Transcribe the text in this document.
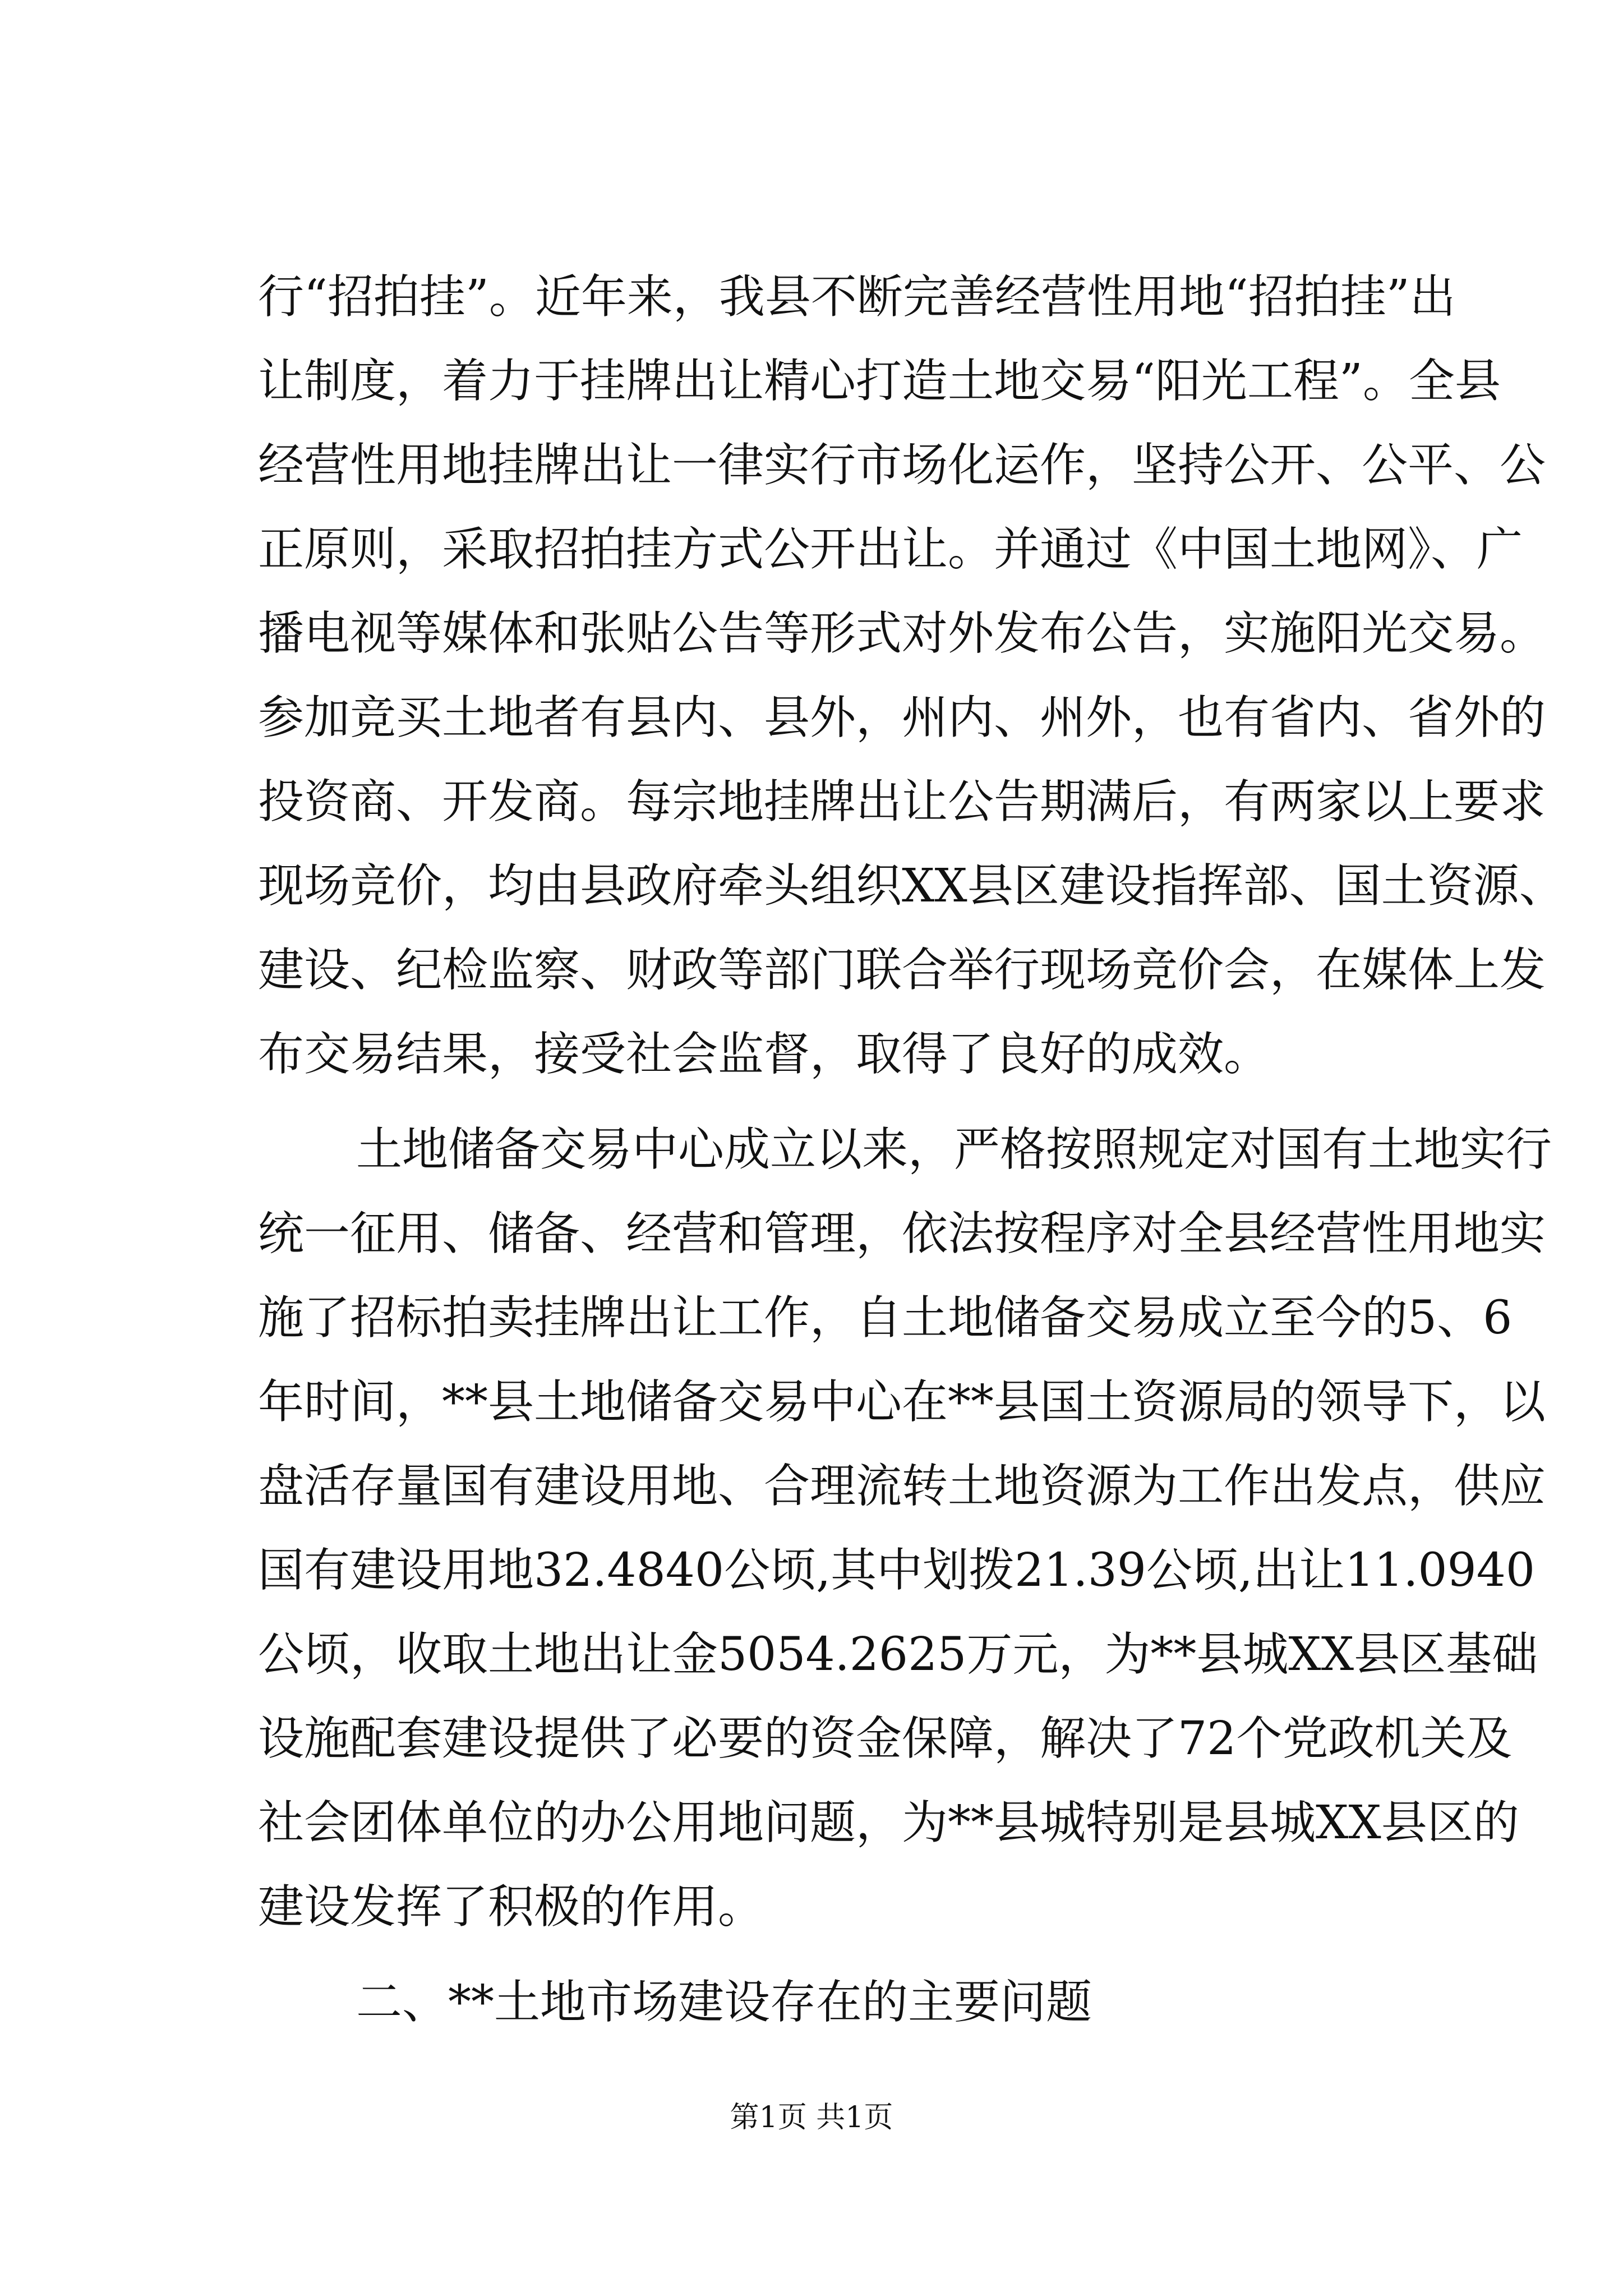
行“招拍挂”。近年来，我县不断完善经营性用地“招拍挂”出
让制度，着力于挂牌出让精心打造土地交易“阳光工程”。全县
经营性用地挂牌出让一律实行市场化运作，坚持公开、公平、公
正原则，采取招拍挂方式公开出让。并通过《中国土地网》、广
播电视等媒体和张贴公告等形式对外发布公告，实施阳光交易。
参加竞买土地者有县内、县外，州内、州外，也有省内、省外的
投资商、开发商。每宗地挂牌出让公告期满后，有两家以上要求
现场竞价，均由县政府牵头组织XX县区建设指挥部、国土资源、
建设、纪检监察、财政等部门联合举行现场竞价会，在媒体上发
布交易结果，接受社会监督，取得了良好的成效。
土地储备交易中心成立以来，严格按照规定对国有土地实行
统一征用、储备、经营和管理，依法按程序对全县经营性用地实
施了招标拍卖挂牌出让工作，自土地储备交易成立至今的5、6
年时间，**县土地储备交易中心在**县国土资源局的领导下，以
盘活存量国有建设用地、合理流转土地资源为工作出发点，供应
国有建设用地32.4840公顷,其中划拨21.39公顷,出让11.0940
公顷，收取土地出让金5054.2625万元，为**县城XX县区基础
设施配套建设提供了必要的资金保障，解决了72个党政机关及
社会团体单位的办公用地问题，为**县城特别是县城XX县区的
建设发挥了积极的作用。
二、**土地市场建设存在的主要问题
第1页 共1页
